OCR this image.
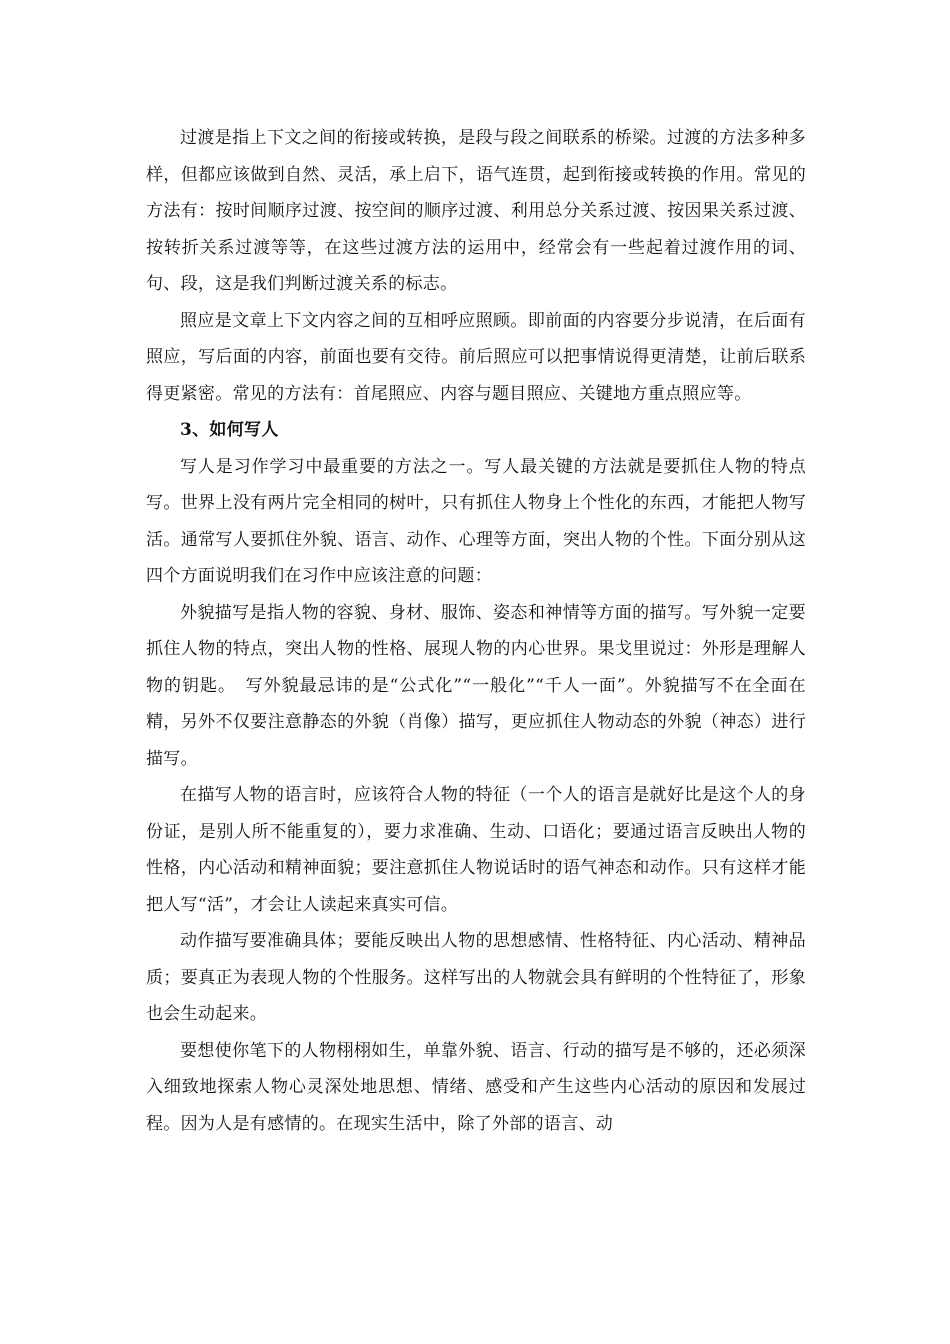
过渡是指上下文之间的衔接或转换，是段与段之间联系的桥梁。过渡的方法多种多样，但都应该做到自然、灵活，承上启下，语气连贯，起到衔接或转换的作用。常见的方法有：按时间顺序过渡、按空间的顺序过渡、利用总分关系过渡、按因果关系过渡、按转折关系过渡等等，在这些过渡方法的运用中，经常会有一些起着过渡作用的词、句、段，这是我们判断过渡关系的标志。

照应是文章上下文内容之间的互相呼应照顾。即前面的内容要分步说清，在后面有照应，写后面的内容，前面也要有交待。前后照应可以把事情说得更清楚，让前后联系得更紧密。常见的方法有：首尾照应、内容与题目照应、关键地方重点照应等。

3、如何写人

写人是习作学习中最重要的方法之一。写人最关键的方法就是要抓住人物的特点写。世界上没有两片完全相同的树叶，只有抓住人物身上个性化的东西，才能把人物写活。通常写人要抓住外貌、语言、动作、心理等方面，突出人物的个性。下面分别从这四个方面说明我们在习作中应该注意的问题：

外貌描写是指人物的容貌、身材、服饰、姿态和神情等方面的描写。写外貌一定要抓住人物的特点，突出人物的性格、展现人物的内心世界。果戈里说过：外形是理解人物的钥匙。　写外貌最忌讳的是“公式化”“一般化”“千人一面”。外貌描写不在全面在精，另外不仅要注意静态的外貌（肖像）描写，更应抓住人物动态的外貌（神态）进行描写。

在描写人物的语言时，应该符合人物的特征（一个人的语言是就好比是这个人的身份证，是别人所不能重复的），要力求准确、生动、口语化；要通过语言反映出人物的性格，内心活动和精神面貌；要注意抓住人物说话时的语气神态和动作。只有这样才能把人写“活”，才会让人读起来真实可信。

动作描写要准确具体；要能反映出人物的思想感情、性格特征、内心活动、精神品质；要真正为表现人物的个性服务。这样写出的人物就会具有鲜明的个性特征了，形象也会生动起来。

要想使你笔下的人物栩栩如生，单靠外貌、语言、行动的描写是不够的，还必须深入细致地探索人物心灵深处地思想、情绪、感受和产生这些内心活动的原因和发展过程。因为人是有感情的。在现实生活中，除了外部的语言、动
